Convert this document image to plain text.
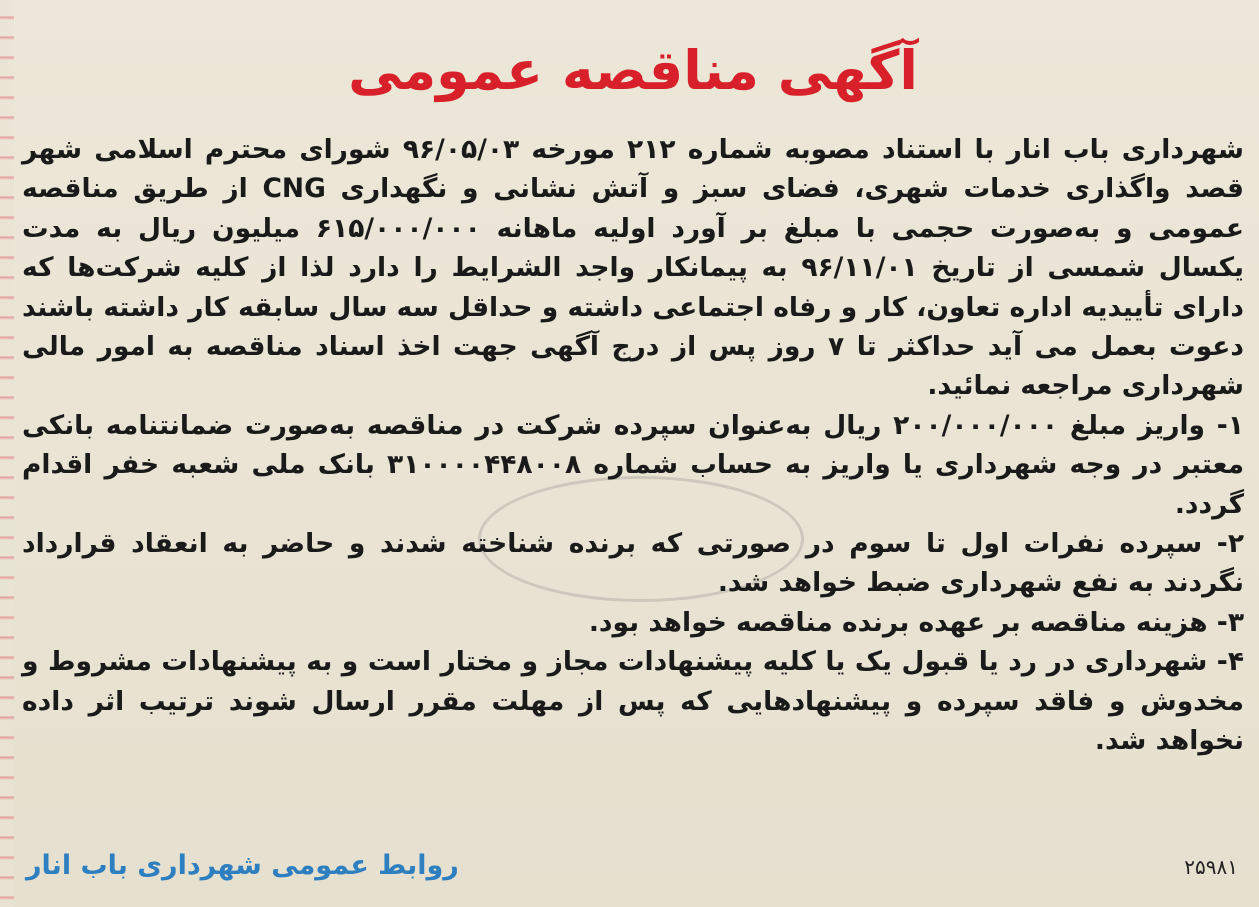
آگهی مناقصه عمومی

شهرداری باب انار با استناد مصوبه شماره ۲۱۲ مورخه ۹۶/۰۵/۰۳ شورای محترم اسلامی شهر قصد واگذاری خدمات شهری، فضای سبز و آتش نشانی و نگهداری CNG از طریق مناقصه عمومی و به‌صورت حجمی با مبلغ بر آورد اولیه ماهانه ۶۱۵/۰۰۰/۰۰۰ میلیون ریال به مدت یکسال شمسی از تاریخ ۹۶/۱۱/۰۱ به پیمانکار واجد الشرایط را دارد لذا از کلیه شرکت‌ها که دارای تأییدیه اداره تعاون، کار و رفاه اجتماعی داشته و حداقل سه سال سابقه کار داشته باشند دعوت بعمل می آید حداکثر تا ۷ روز پس از درج آگهی جهت اخذ اسناد مناقصه به امور مالی شهرداری مراجعه نمائید.

۱- واریز مبلغ ۲۰۰/۰۰۰/۰۰۰ ریال به‌عنوان سپرده شرکت در مناقصه به‌صورت ضمانتنامه بانکی معتبر در وجه شهرداری یا واریز به حساب شماره ۳۱۰۰۰۰۴۴۸۰۰۸ بانک ملی شعبه خفر اقدام گردد.

۲- سپرده نفرات اول تا سوم در صورتی که برنده شناخته شدند و حاضر به انعقاد قرارداد نگردند به نفع شهرداری ضبط خواهد شد.

۳- هزینه مناقصه بر عهده برنده مناقصه خواهد بود.

۴- شهرداری در رد یا قبول یک یا کلیه پیشنهادات مجاز و مختار است و به پیشنهادات مشروط و مخدوش و فاقد سپرده و پیشنهادهایی که پس از مهلت مقرر ارسال شوند ترتیب اثر داده نخواهد شد.

۲۵۹۸۱
روابط عمومی شهرداری باب انار
